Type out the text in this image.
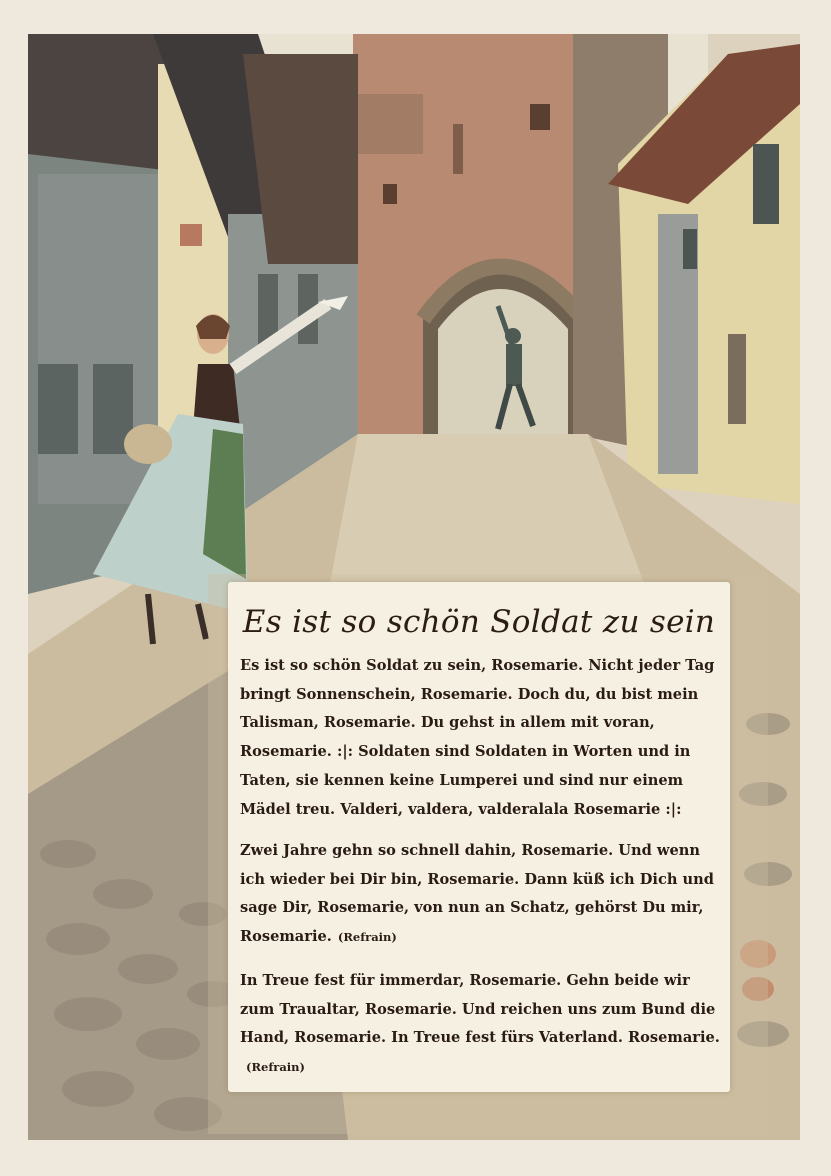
Es ist so schön Soldat zu sein
Es ist so schön Soldat zu sein, Rosemarie. Nicht jeder Tag bringt Sonnenschein, Rosemarie. Doch du, du bist mein Talisman, Rosemarie. Du gehst in allem mit voran, Rosemarie. :|: Soldaten sind Soldaten in Worten und in Taten, sie kennen keine Lumperei und sind nur einem Mädel treu. Valderi, valdera, valderalala Rosemarie :|:
Zwei Jahre gehn so schnell dahin, Rosemarie. Und wenn ich wieder bei Dir bin, Rosemarie. Dann küß ich Dich und sage Dir, Rosemarie, von nun an Schatz, gehörst Du mir, Rosemarie. (Refrain)
In Treue fest für immerdar, Rosemarie. Gehn beide wir zum Traualtar, Rosemarie. Und reichen uns zum Bund die Hand, Rosemarie. In Treue fest fürs Vaterland. Rosemarie.(Refrain)
